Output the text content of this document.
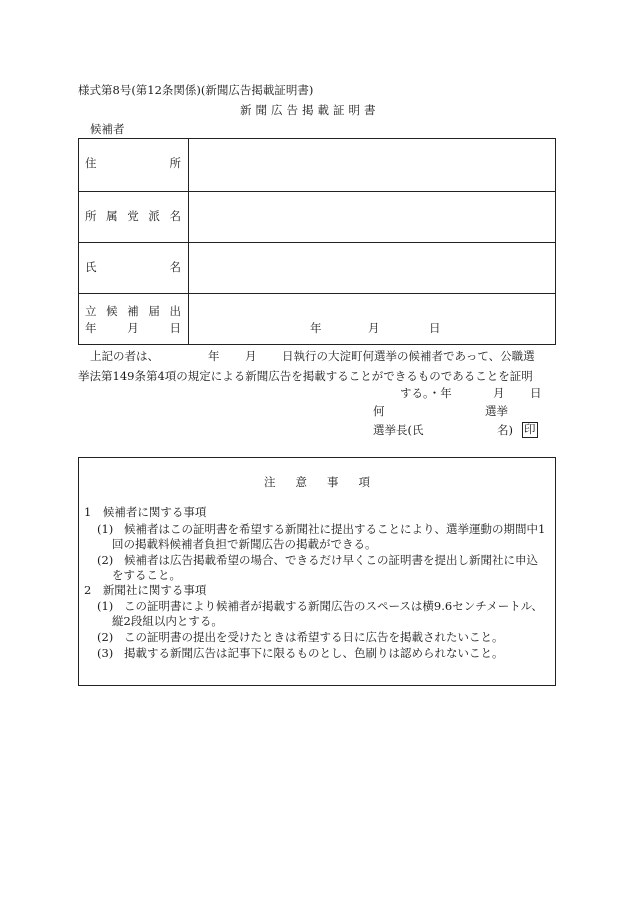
様式第8号(第12条関係)(新聞広告掲載証明書)
新聞広告掲載証明書
候補者
住所
所属党派名
氏名
立候補届出
年月日	年	月	日
上記の者は、	年 月 日執行の大淀町何選挙の候補者であって、公職選
挙法第149条第4項の規定による新聞広告を掲載することができるものであることを証明
する。・年	月 日
何	選挙
選挙長(氏	名) 印
注意事項
1　候補者に関する事項
(1) 候補者はこの証明書を希望する新聞社に提出することにより、選挙運動の期間中1
回の掲載料候補者負担で新聞広告の掲載ができる。
(2) 候補者は広告掲載希望の場合、できるだけ早くこの証明書を提出し新聞社に申込
をすること。
2　新聞社に関する事項
(1) この証明書により候補者が掲載する新聞広告のスペースは横9.6センチメートル、
縦2段組以内とする。
(2) この証明書の提出を受けたときは希望する日に広告を掲載されたいこと。
(3) 掲載する新聞広告は記事下に限るものとし、色刷りは認められないこと。
